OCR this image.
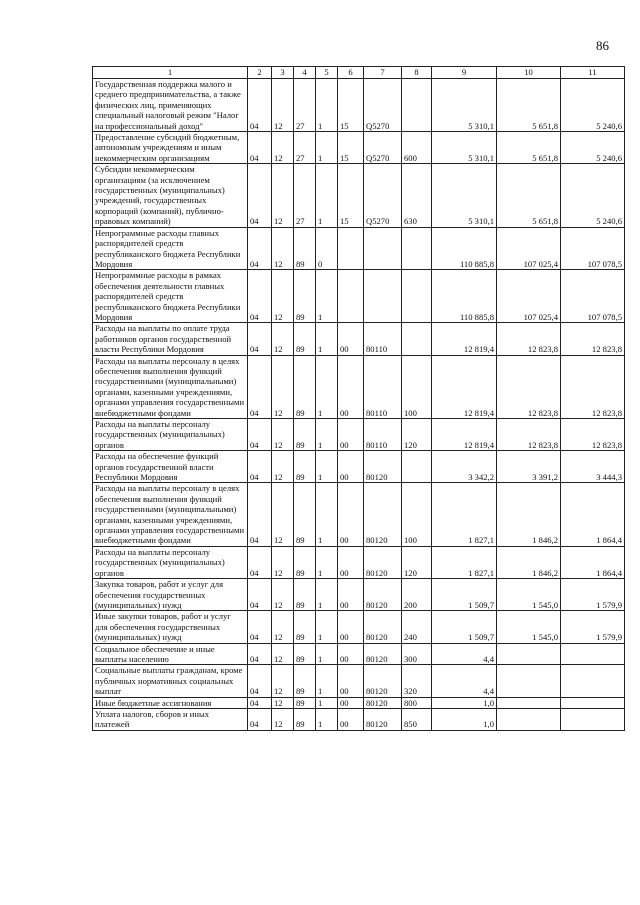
86
1	2	3	4	5	6	7	8	9	10	11
Государственная поддержка малого и среднего предпринимательства, а также физических лиц, применяющих специальный налоговый режим "Налог на профессиональный доход"	04	12	27	1	15	Q5270		5 310,1	5 651,8	5 240,6
Предоставление субсидий бюджетным, автономным учреждениям и иным некоммерческим организациям	04	12	27	1	15	Q5270	600	5 310,1	5 651,8	5 240,6
Субсидии некоммерческим организациям (за исключением государственных (муниципальных) учреждений, государственных корпораций (компаний), публично-правовых компаний)	04	12	27	1	15	Q5270	630	5 310,1	5 651,8	5 240,6
Непрограммные расходы главных распорядителей средств республиканского бюджета Республики Мордовия	04	12	89	0				110 885,8	107 025,4	107 078,5
Непрограммные расходы в рамках обеспечения деятельности главных распорядителей средств республиканского бюджета Республики Мордовия	04	12	89	1				110 885,8	107 025,4	107 078,5
Расходы на выплаты по оплате труда работников органов государственной власти Республики Мордовия	04	12	89	1	00	80110		12 819,4	12 823,8	12 823,8
Расходы на выплаты персоналу в целях обеспечения выполнения функций государственными (муниципальными) органами, казенными учреждениями, органами управления государственными внебюджетными фондами	04	12	89	1	00	80110	100	12 819,4	12 823,8	12 823,8
Расходы на выплаты персоналу государственных (муниципальных) органов	04	12	89	1	00	80110	120	12 819,4	12 823,8	12 823,8
Расходы на обеспечение функций органов государственной власти Республики Мордовия	04	12	89	1	00	80120		3 342,2	3 391,2	3 444,3
Расходы на выплаты персоналу в целях обеспечения выполнения функций государственными (муниципальными) органами, казенными учреждениями, органами управления государственными внебюджетными фондами	04	12	89	1	00	80120	100	1 827,1	1 846,2	1 864,4
Расходы на выплаты персоналу государственных (муниципальных) органов	04	12	89	1	00	80120	120	1 827,1	1 846,2	1 864,4
Закупка товаров, работ и услуг для обеспечения государственных (муниципальных) нужд	04	12	89	1	00	80120	200	1 509,7	1 545,0	1 579,9
Иные закупки товаров, работ и услуг для обеспечения государственных (муниципальных) нужд	04	12	89	1	00	80120	240	1 509,7	1 545,0	1 579,9
Социальное обеспечение и иные выплаты населению	04	12	89	1	00	80120	300	4,4		
Социальные выплаты гражданам, кроме публичных нормативных социальных выплат	04	12	89	1	00	80120	320	4,4		
Иные бюджетные ассигнования	04	12	89	1	00	80120	800	1,0		
Уплата налогов, сборов и иных платежей	04	12	89	1	00	80120	850	1,0		
